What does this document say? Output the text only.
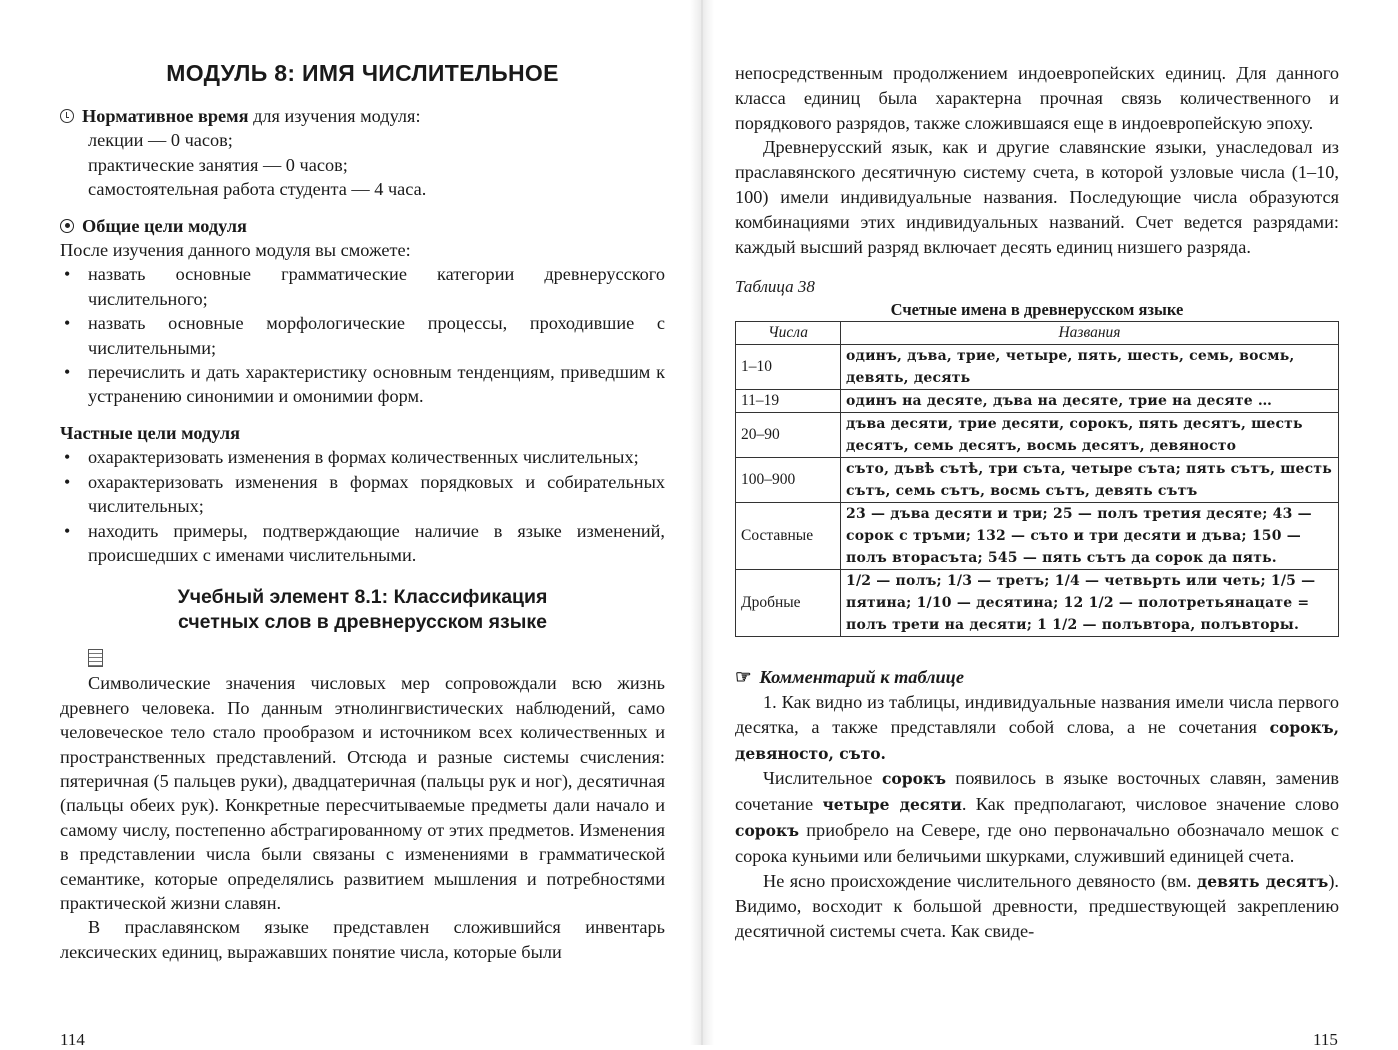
МОДУЛЬ 8: ИМЯ ЧИСЛИТЕЛЬНОЕ

Нормативное время для изучения модуля:

лекции — 0 часов;

практические занятия — 0 часов;

самостоятельная работа студента — 4 часа.

Общие цели модуля

После изучения данного модуля вы сможете:

• назвать основные грамматические категории древнерусского числительного;
• назвать основные морфологические процессы, проходившие с числительными;
• перечислить и дать характеристику основным тенденциям, приведшим к устранению синонимии и омонимии форм.

Частные цели модуля

• охарактеризовать изменения в формах количественных числительных;
• охарактеризовать изменения в формах порядковых и собирательных числительных;
• находить примеры, подтверждающие наличие в языке изменений, происшедших с именами числительными.
Учебный элемент 8.1: Классификация
счетных слов в древнерусском языке

Символические значения числовых мер сопровождали всю жизнь древнего человека. По данным этнолингвистических наблюдений, само человеческое тело стало прообразом и источником всех количественных и пространственных представлений. Отсюда и разные системы счисления: пятеричная (5 пальцев руки), двадцатеричная (пальцы рук и ног), десятичная (пальцы обеих рук). Конкретные пересчитываемые предметы дали начало и самому числу, постепенно абстрагированному от этих предметов. Изменения в представлении числа были связаны с изменениями в грамматической семантике, которые определялись развитием мышления и потребностями практической жизни славян.

В праславянском языке представлен сложившийся инвентарь лексических единиц, выражавших понятие числа, которые были

114

непосредственным продолжением индоевропейских единиц. Для данного класса единиц была характерна прочная связь количественного и порядкового разрядов, также сложившаяся еще в индоевропейскую эпоху.

Древнерусский язык, как и другие славянские языки, унаследовал из праславянского десятичную систему счета, в которой узловые числа (1–10, 100) имели индивидуальные названия. Последующие числа образуются комбинациями этих индивидуальных названий. Счет ведется разрядами: каждый высший разряд включает десять единиц низшего разряда.

Таблица 38

Счетные имена в древнерусском языке

Числа	Названия
1–10	одинъ, дъва, трие, четыре, пять, шесть, семь, восмь, девять, десять
11–19	одинъ на десяте, дъва на десяте, трие на десяте …
20–90	дъва десяти, трие десяти, сорокъ, пять десятъ, шесть десятъ, семь десятъ, восмь десятъ, девяносто
100–900	съто, дъвѣ сътѣ, три съта, четыре съта; пять сътъ, шесть сътъ, семь сътъ, восмь сътъ, девять сътъ
Составные	23 — дъва десяти и три; 25 — полъ третия десяте; 43 — сорок с тръми; 132 — съто и три десяти и дъва; 150 — полъ вторасъта; 545 — пять сътъ да сорок да пять.
Дробные	1/2 — полъ; 1/3 — третъ; 1/4 — четвьрть или четь; 1/5 — пятина; 1/10 — десятина; 12 1/2 — полотретьянацате = полъ трети на десяти; 1 1/2 — полъвтора, полъвторы.

☞ Комментарий к таблице

1. Как видно из таблицы, индивидуальные названия имели числа первого десятка, а также представляли собой слова, а не сочетания сорокъ, девяносто, съто.

Числительное сорокъ появилось в языке восточных славян, заменив сочетание четыре десяти. Как предполагают, числовое значение слово сорокъ приобрело на Севере, где оно первоначально обозначало мешок с сорока куньими или беличьими шкурками, служивший единицей счета.

Не ясно происхождение числительного девяносто (вм. девять десятъ). Видимо, восходит к большой древности, предшествующей закреплению десятичной системы счета. Как свиде-

115
